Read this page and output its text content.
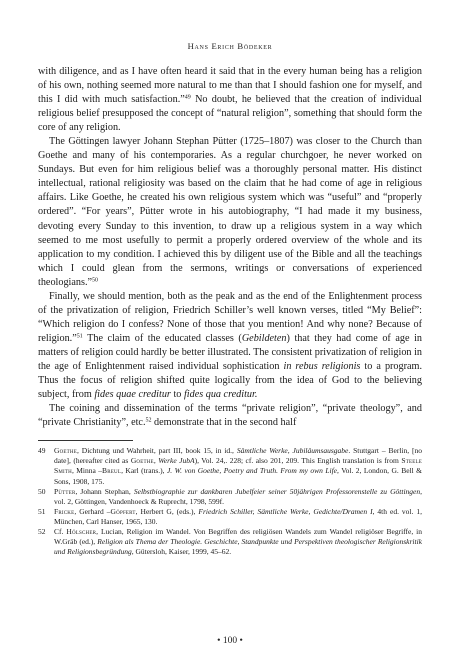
Hans Erich Bödeker

with diligence, and as I have often heard it said that in the every human being has a religion of his own, nothing seemed more natural to me than that I should fashion one for myself, and this I did with much satisfaction.”$^{49}$ No doubt, he believed that the creation of individual religious belief presupposed the concept of “natural religion”, something that should form the core of any religion.

The Göttingen lawyer Johann Stephan Pütter (1725–1807) was closer to the Church than Goethe and many of his contemporaries. As a regular churchgoer, he never worked on Sundays. But even for him religious belief was a thoroughly personal matter. His distinct intellectual, rational religiosity was based on the claim that he had come of age in religious affairs. Like Goethe, he created his own religious system which was “useful” and “properly ordered”. “For years”, Pütter wrote in his autobiography, “I had made it my business, devoting every Sunday to this invention, to draw up a religious system in a way which seemed to me most usefully to permit a properly ordered overview of the whole and its application to my condition. I achieved this by diligent use of the Bible and all the teachings which I could glean from the sermons, writings or conversations of experienced theologians.”$^{50}$

Finally, we should mention, both as the peak and as the end of the Enlightenment process of the privatization of religion, Friedrich Schiller’s well known verses, titled “My Belief”: “Which religion do I confess? None of those that you mention! And why none? Because of religion.”$^{51}$ The claim of the educated classes (Gebildeten) that they had come of age in matters of religion could hardly be better illustrated. The consistent privatization of religion in the age of Enlightenment raised individual sophistication in rebus religionis to a program. Thus the focus of religion shifted quite logically from the idea of God to the believing subject, from fides quae creditur to fides qua creditur.

The coining and dissemination of the terms “private religion”, “private theology”, and “private Christianity”, etc.$^{52}$ demonstrate that in the second half

49	Goethe, Dichtung und Wahrheit, part III, book 15, in id., Sämtliche Werke, Jubiläumsausgabe. Stuttgart – Berlin, [no date], (hereafter cited as Goethe, Werke JubA), Vol. 24,. 228; cf. also 201, 209. This English translation is from Steele Smith, Minna –Breul, Karl (trans.), J. W. von Goethe, Poetry and Truth. From my own Life, Vol. 2, London, G. Bell & Sons, 1908, 175.
50	Pütter, Johann Stephan, Selbstbiographie zur dankbaren Jubelfeier seiner 50jährigen Professorenstelle zu Göttingen, vol. 2, Göttingen, Vandenhoeck & Ruprecht, 1798, 599f.
51	Fricke, Gerhard –Göpfert, Herbert G, (eds.), Friedrich Schiller, Sämtliche Werke, Gedichte/Dramen I, 4th ed. vol. 1, München, Carl Hanser, 1965, 130.
52	Cf. Hölscher, Lucian, Religion im Wandel. Von Begriffen des religiösen Wandels zum Wandel religiöser Begriffe, in W.Gräb (ed.), Religion als Thema der Theologie. Geschichte, Standpunkte und Perspektiven theologischer Religionskritik und Religionsbegründung, Gütersloh, Kaiser, 1999, 45–62.
• 100 •
